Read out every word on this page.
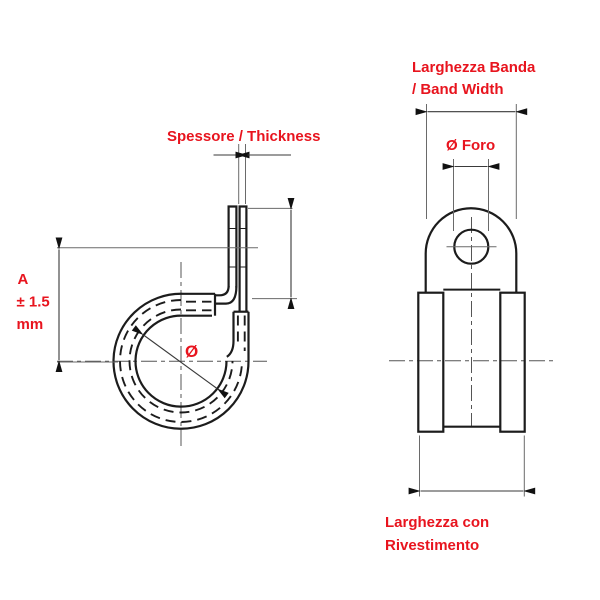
Spessore / Thickness
A
± 1.5
mm
Ø
Larghezza Banda
/ Band Width
Ø Foro
Larghezza con
Rivestimento
